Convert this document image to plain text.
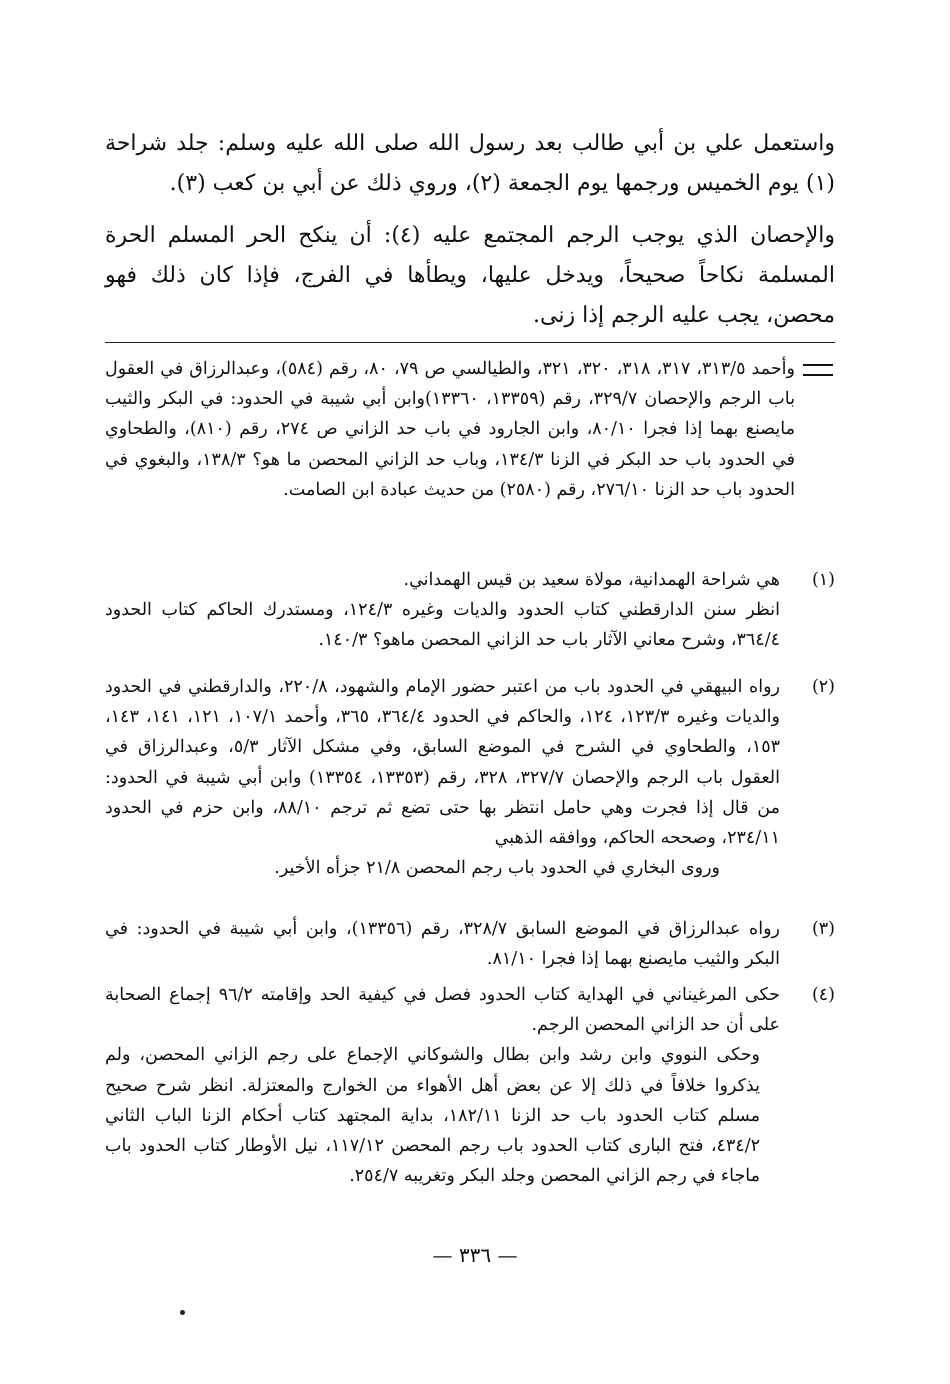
واستعمل علي بن أبي طالب بعد رسول الله صلى الله عليه وسلم: جلد شراحة (١) يوم الخميس ورجمها يوم الجمعة (٢)، وروي ذلك عن أبي بن كعب (٣).
والإحصان الذي يوجب الرجم المجتمع عليه (٤): أن ينكح الحر المسلم الحرة المسلمة نكاحاً صحيحاً، ويدخل عليها، ويطأها في الفرج، فإذا كان ذلك فهو محصن، يجب عليه الرجم إذا زنى.
وأحمد ٣١٣/٥، ٣١٧، ٣١٨، ٣٢٠، ٣٢١، والطيالسي ص ٧٩، ٨٠، رقم (٥٨٤)، وعبدالرزاق في العقول باب الرجم والإحصان ٣٢٩/٧، رقم (١٣٣٥٩، ١٣٣٦٠)وابن أبي شيبة في الحدود: في البكر والثيب مايصنع بهما إذا فجرا ٨٠/١٠، وابن الجارود في باب حد الزاني ص ٢٧٤، رقم (٨١٠)، والطحاوي في الحدود باب حد البكر في الزنا ١٣٤/٣، وباب حد الزاني المحصن ما هو؟ ١٣٨/٣، والبغوي في الحدود باب حد الزنا ٢٧٦/١٠، رقم (٢٥٨٠) من حديث عبادة ابن الصامت.
(١)

هي شراحة الهمدانية، مولاة سعيد بن قيس الهمداني.

انظر سنن الدارقطني كتاب الحدود والديات وغيره ١٢٤/٣، ومستدرك الحاكم كتاب الحدود ٣٦٤/٤، وشرح معاني الآثار باب حد الزاني المحصن ماهو؟ ١٤٠/٣.

(٢)

رواه البيهقي في الحدود باب من اعتبر حضور الإمام والشهود، ٢٢٠/٨، والدارقطني في الحدود والديات وغيره ١٢٣/٣، ١٢٤، والحاكم في الحدود ٣٦٤/٤، ٣٦٥، وأحمد ١٠٧/١، ١٢١، ١٤١، ١٤٣، ١٥٣، والطحاوي في الشرح في الموضع السابق، وفي مشكل الآثار ٥/٣، وعبدالرزاق في العقول باب الرجم والإحصان ٣٢٧/٧، ٣٢٨، رقم (١٣٣٥٣، ١٣٣٥٤) وابن أبي شيبة في الحدود: من قال إذا فجرت وهي حامل انتظر بها حتى تضع ثم ترجم ٨٨/١٠، وابن حزم في الحدود ٢٣٤/١١، وصححه الحاكم، ووافقه الذهبي

وروى البخاري في الحدود باب رجم المحصن ٢١/٨ جزأه الأخير.

(٣)

رواه عبدالرزاق في الموضع السابق ٣٢٨/٧، رقم (١٣٣٥٦)، وابن أبي شيبة في الحدود: في البكر والثيب مايصنع بهما إذا فجرا ٨١/١٠.

(٤)

حكى المرغيناني في الهداية كتاب الحدود فصل في كيفية الحد وإقامته ٩٦/٢ إجماع الصحابة على أن حد الزاني المحصن الرجم.

وحكى النووي وابن رشد وابن بطال والشوكاني الإجماع على رجم الزاني المحصن، ولم يذكروا خلافاً في ذلك إلا عن بعض أهل الأهواء من الخوارج والمعتزلة. انظر شرح صحيح مسلم كتاب الحدود باب حد الزنا ١٨٢/١١، بداية المجتهد كتاب أحكام الزنا الباب الثاني ٤٣٤/٢، فتح البارى كتاب الحدود باب رجم المحصن ١١٧/١٢، نيل الأوطار كتاب الحدود باب ماجاء في رجم الزاني المحصن وجلد البكر وتغريبه ٢٥٤/٧.

— ٣٣٦ —
